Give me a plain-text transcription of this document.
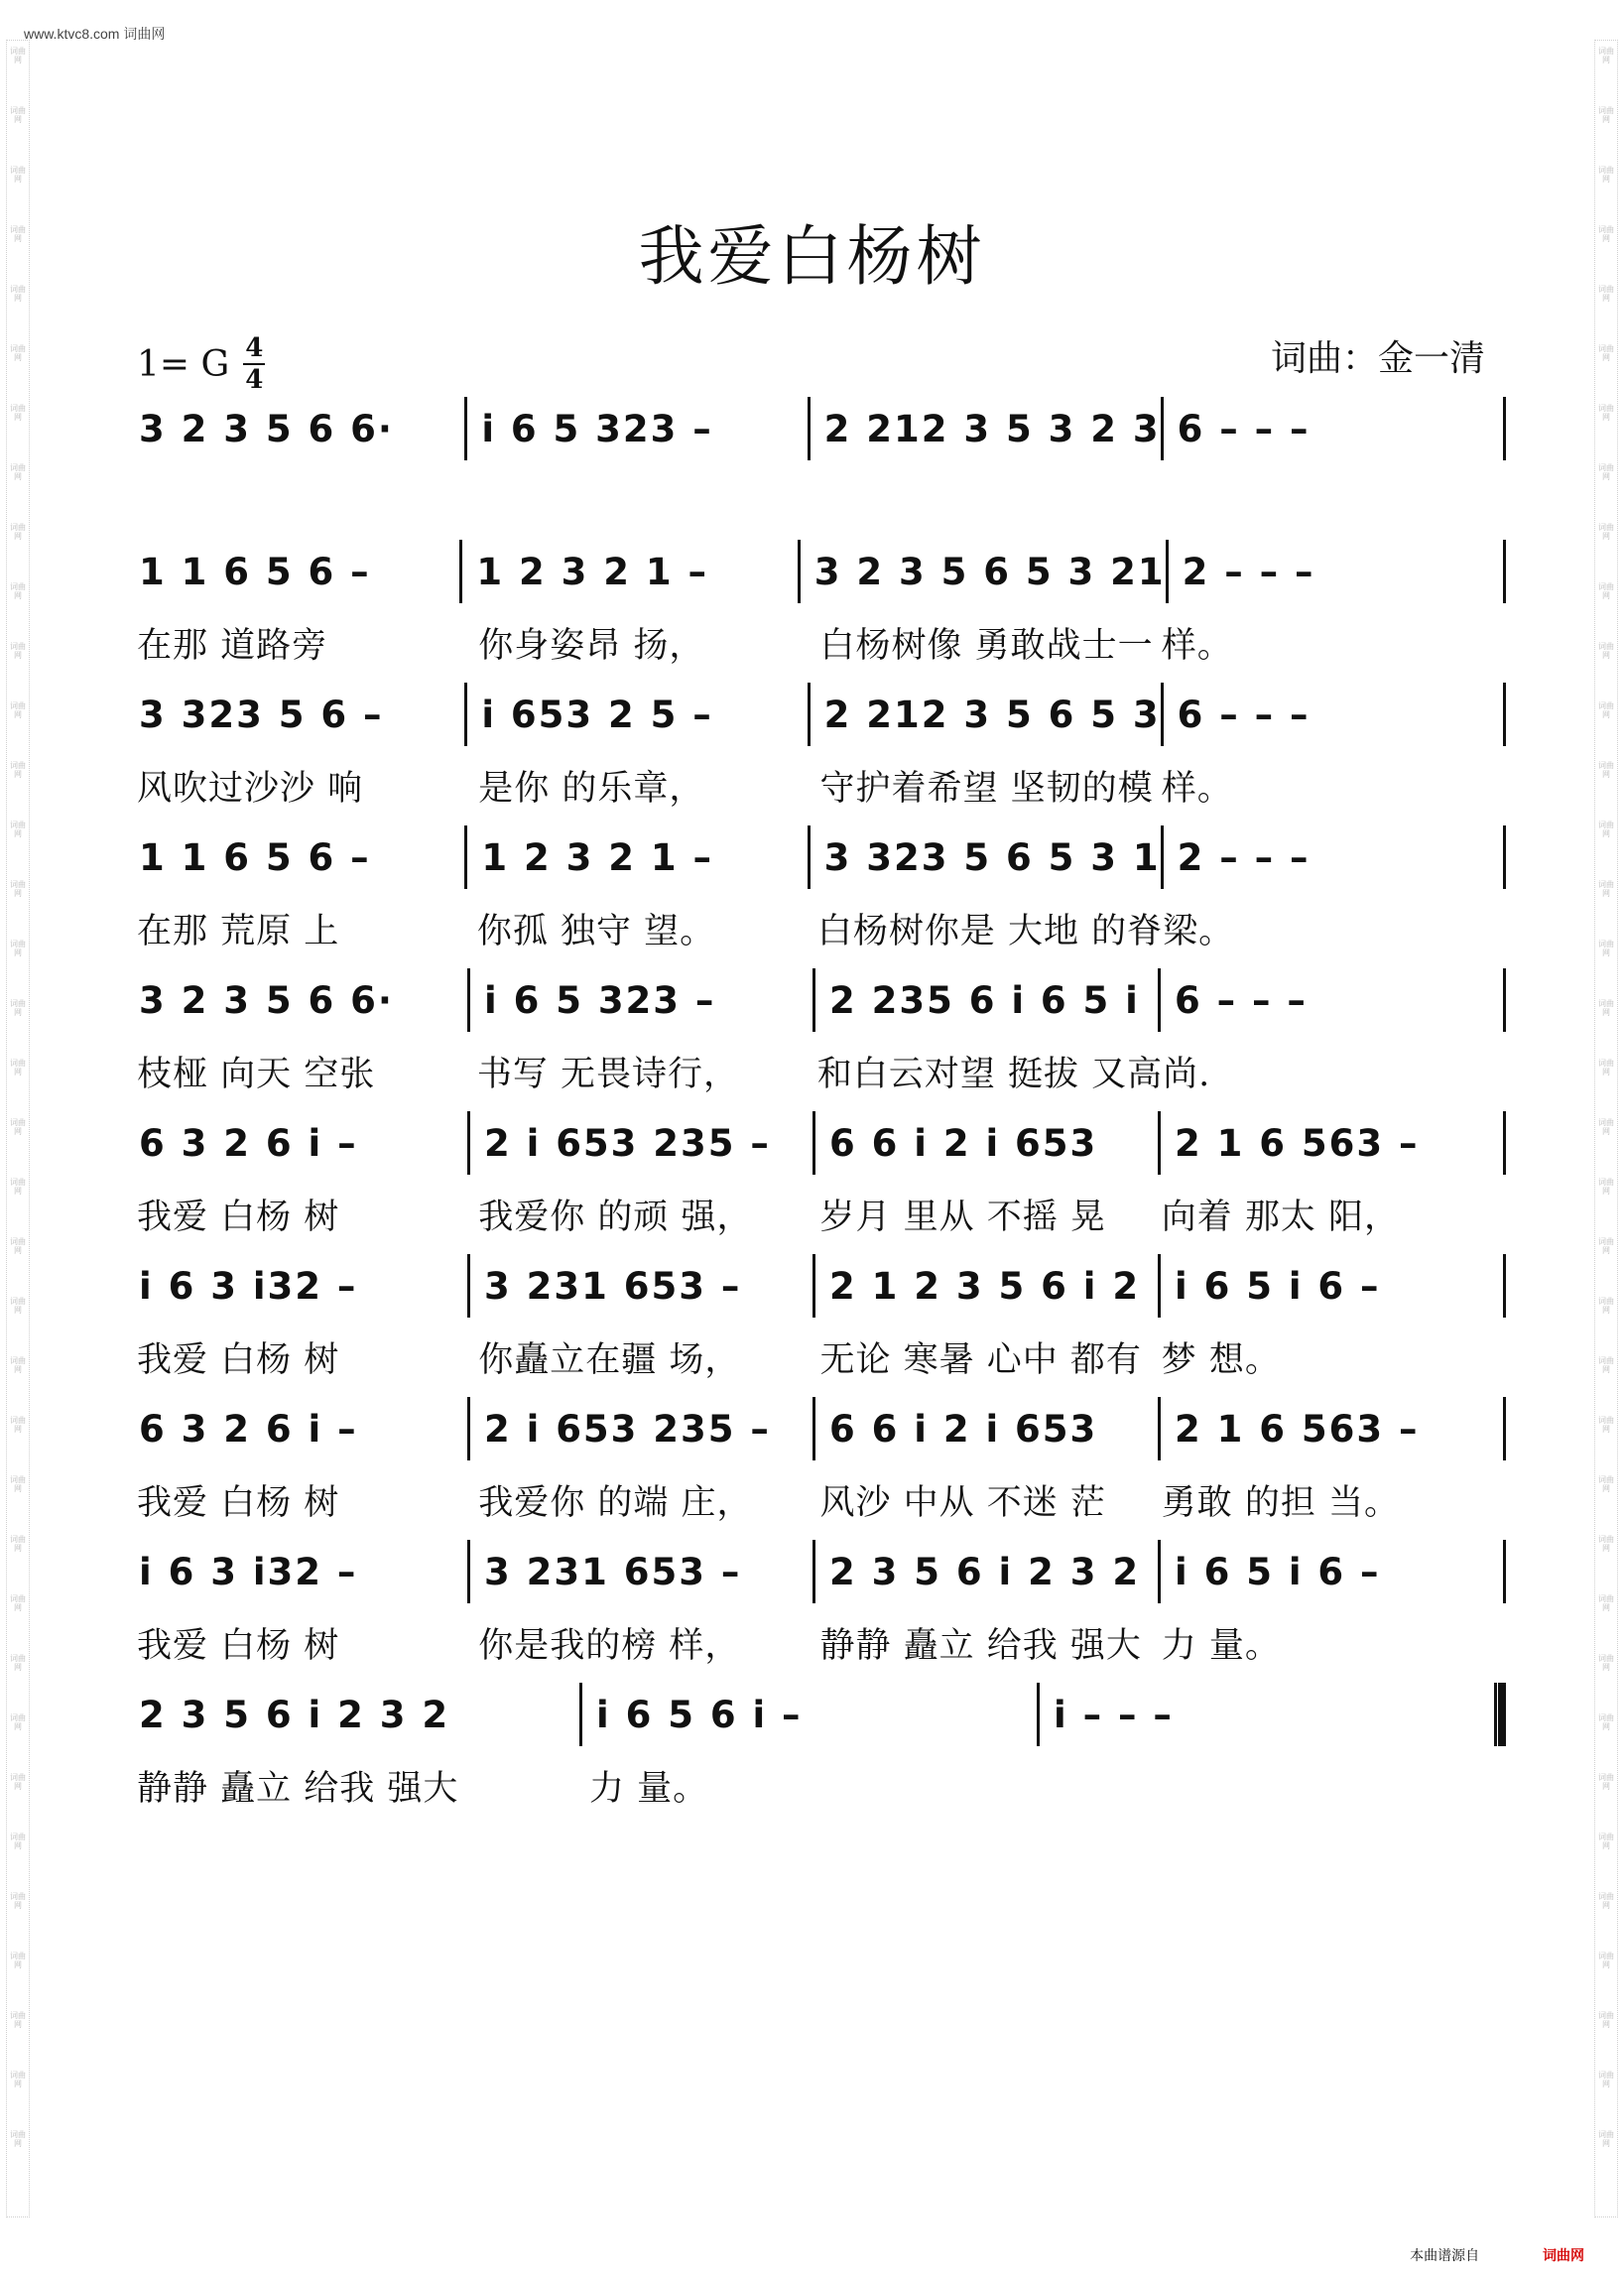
www.ktvc8.com 词曲网
词曲网
词曲网
词曲网
词曲网
词曲网
词曲网
词曲网
词曲网
词曲网
词曲网
词曲网
词曲网
词曲网
词曲网
词曲网
词曲网
词曲网
词曲网
词曲网
词曲网
词曲网
词曲网
词曲网
词曲网
词曲网
词曲网
词曲网
词曲网
词曲网
词曲网
词曲网
词曲网
词曲网
词曲网
词曲网
词曲网
词曲网
词曲网
词曲网
词曲网
词曲网
词曲网
词曲网
词曲网
词曲网
词曲网
词曲网
词曲网
词曲网
词曲网
词曲网
词曲网
词曲网
词曲网
词曲网
词曲网
词曲网
词曲网
词曲网
词曲网
词曲网
词曲网
词曲网
词曲网
词曲网
词曲网
词曲网
词曲网
词曲网
词曲网
词曲网
词曲网
我爱白杨树
1= G 4
4
词曲：金一清
3 2 3 5 6 6· i 6 5 323 –	2 212 3 5 3 2 3 6 – – –
1 1 6 5 6 –	1 2 3 2 1 –	3 2 3 5 6 5 3 21 2 – – –
在那 道路旁	你身姿昂 扬，	白杨树像 勇敢战士一 样。
3 323 5 6 –	i 653 2 5 –	2 212 3 5 6 5 3 6 – – –
风吹过沙沙 响	是你 的乐章，	守护着希望 坚韧的模 样。
1 1 6 5 6 –	1 2 3 2 1 –	3 323 5 6 5 3 1 2 – – –
在那 荒原 上	你孤 独守 望。	白杨树你是 大地 的脊 梁。
3 2 3 5 6 6· i 6 5 323 –	2 235 6 i 6 5 i 6 – – –
枝桠 向天 空张	书写 无畏诗行，	和白云对望 挺拔 又高 尚.
6 3 2 6 i –	2 i 653 235 – 6 6 i 2 i 653 2 1 6 563 –
我爱 白杨 树	我爱你 的顽 强，	岁月 里从 不摇 晃	向着 那太 阳，
i 6 3 i32 –	3 231 653 – 2 1 2 3 5 6 i 2 i 6 5 i 6 –
我爱 白杨 树	你矗立在疆 场，	无论 寒暑 心中 都有 梦 想。
6 3 2 6 i –	2 i 653 235 – 6 6 i 2 i 653 2 1 6 563 –
我爱 白杨 树	我爱你 的端 庄，	风沙 中从 不迷 茫	勇敢 的担 当。
i 6 3 i32 –	3 231 653 – 2 3 5 6 i 2 3 2 i 6 5 i 6 –
我爱 白杨 树	你是我的榜 样，	静静 矗立 给我 强大 力 量。
2 3 5 6 i 2 3 2	i 6 5 6 i –	i – – –
静静 矗立 给我 强大	力 量。
本曲谱源自	词曲网
